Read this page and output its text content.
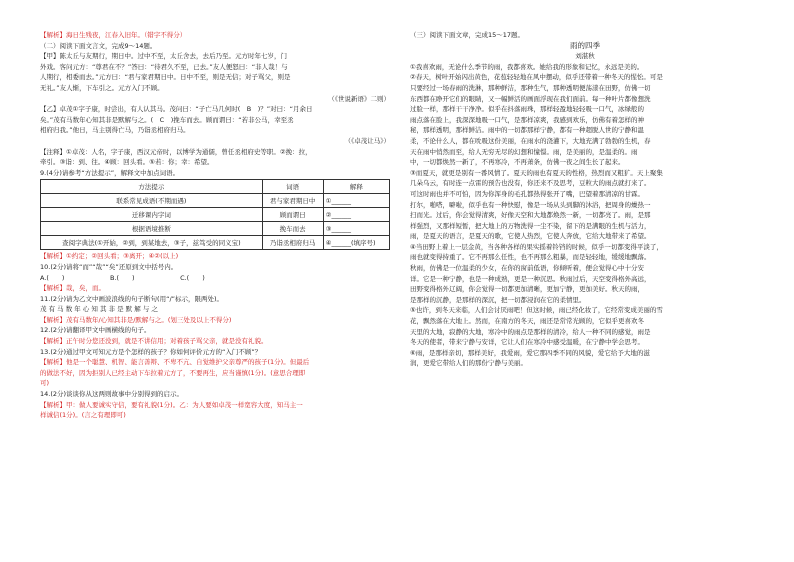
【解析】海日生残夜，江春入旧年。（错字不得分）
（二）阅读下面文言文，完成9～14题。
【甲】陈太丘与友期行，期日中。过中不至，太丘舍去，去后乃至。元方时年七岁，门
外戏。客问元方：“尊君在不？”答曰：“待君久不至，已去。”友人便怒曰：“非人哉！与
人期行，相委而去。”元方曰：“君与家君期日中。日中不至，则是无信；对子骂父，则是
无礼。”友人惭，下车引之。元方入门不顾。
（《世说新语》二则）
【乙】卓茂①字子康，时尝出，有人认其马。茂问曰：“子亡马几何时(　B　)？”对曰：“月余日
矣。”茂有马数年心知其非是默解与之。(　C　)挽车而去。顾而谓曰：“若非公马，幸至丞
相府归我。”他日，马主别得亡马，乃诣丞相府归马。
（《卓茂让马》）
【注释】①卓茂：人名，字子康，西汉元帝时，以博学为通儒，曾任丞相府史等职。②挽：拉，
牵引。③诣：到、往。④顾：回头看。⑤若：你；幸：希望。
9.(4分)请参考“方法提示”，解释文中加点词语。
方法提示	词语	解释
联系常见成语(不期而遇)	君与家君期日中	①______
迁移课内字词	顾而谓曰	②______
根据语境推断	挽车而去	③______
查阅字典法(①开始，②到，到某地去，③子，兹笃受的同义宝)	乃诣丞相府归马	④______(填序号)
【解析】①约定；②回头看；③离开；④②(以上)
10.(2分)请将“而”“哉”“矣”还原到文中括号内。
A.(　　)　　　　　　　B.(　　)　　　　　　　C.(　　)
【解析】哉，矣，而。
11.(2分)请为乙文中画波浪线的句子断句(用“/”标示，限两处)。
茂 有 马 数 年 心 知 其 非 是 默 解 与 之
【解析】茂有马数年/心知其非是/默解与之。(划三处及以上不得分)
12.(2分)请翻译甲文中画横线的句子。
【解析】正午时分您还没到，就是不讲信用；对着孩子骂父亲，就是没有礼貌。
13.(2分)通过甲文可知元方是个怎样的孩子？你如何评价元方的“入门不顾”？
【解析】他是一个聪慧、机智、能言善辩、不卑不亢、自觉维护父亲尊严的孩子(1分)。但最后
的做法不好，因为拒别人已经主动下车拉着元方了，不要再生，应当谨慎(1分)。(意思合理即
可)
14.(2分)谈谈你从这两则故事中分别得到的启示。
【解析】甲：做人要诚实守信，要有礼貌(1分)。乙：为人要如卓茂一样宽容大度，知马主一
样诚信(1分)。(言之有理即可)
（三）阅读下面文章，完成15～17题。
雨的四季
刘湛秋
①我喜欢雨，无论什么季节的雨，我都喜欢。她给我的形象和记忆，永远是美的。
②春天，树叶开始闪出黄色，花苞轻轻地在风中摆动，似乎还带着一种冬天的惺忪。可是
只要经过一场春雨的洗淋，那种鲜洁，那种生气，那种透明便荡漾在田野，仿佛一切
东西都在睁开它们的眼睛，又一幅鲜活的画面浮现在我们面前。每一种叶片都像想洗
过脸一样，那样干干净净。似乎在抖落雨珠，那样轻盈地轻轻吸一口气，冰绿般的
雨点落在脸上，我深深地吸一口气，是那样凉爽，我感到欢乐，仿佛有着怎样的神
秘，那样透明，那样鲜洁。雨中的一切都那样宁静，都有一种超脱人世的宁静和温
柔，不论什么人，都在吮吸这份美丽，在雨水的浇灌下，大地充满了勃勃的生机，春
天在雨中悄然而至，给人无穷无尽的幻想和憧憬。雨，是美丽的，是温柔的。雨
中，一切都焕然一新了，不再寒冷，不再萧条，仿佛一夜之间生长了起来。
③而夏天，就更是别有一番风情了。夏天的雨也有夏天的性格，热烈而又粗犷。天上聚集
几朵乌云，有时连一点雷的预告也没有，你还来不及思考，豆粒大的雨点就打来了。
可这时雨也并不可怕，因为你浑身的毛孔都热得张开了嘴，巴望着那清凉的甘霖。
打尔，啪嗒，噼啦，似乎也有一种快慰，像是一场从头到脚的沐浴，把周身的燥热一
扫而光。过后，你会觉得清爽，好像天空和大地都焕然一新，一切都亮了。雨，是那
样强烈，又那样短暂，把大地上的万物洗得一尘不染，留下的是满眼的生机与活力，
雨，是夏天的语言，是夏天的歌，它使人热烈，它使人奔放，它给大地带来了希望。
④当田野上着上一层金黄，当各种各样的果实摇着铃铛的时候，似乎一切都变得平淡了，
雨也就变得持重了。它不再那么任性，也不再那么粗暴，而是轻轻地，缓缓地飘落。
秋雨，仿佛是一位温柔的少女，在你的窗前低语，你倾听着，便会觉得心中十分安
详。它是一种宁静，也是一种成熟，更是一种沉思。秋雨过后，天空变得格外高远，
田野变得格外辽阔，你会觉得一切都更加清晰，更加宁静，更加美好。秋天的雨，
是那样的沉静，是那样的深沉，把一切都浸润在它的柔情里。
⑤也许，到冬天来临，人们会讨厌雨吧！但这时候，雨已经化妆了，它经常变成美丽的雪
花，飘然落在大地上。然而，在南方的冬天，雨还是常常光顾的，它似乎更喜欢冬
天里的大地，寂静的大地，寒冷中的雨点是那样的清冷，给人一种不同的感觉，雨是
冬天的使者，带来宁静与安详，它让人们在寒冷中感受温暖，在宁静中学会思考。
⑥雨，是那样亲切，那样美好，我爱雨，爱它那四季不同的风貌，爱它给予大地的滋
润，更爱它带给人们的那份宁静与美丽。
